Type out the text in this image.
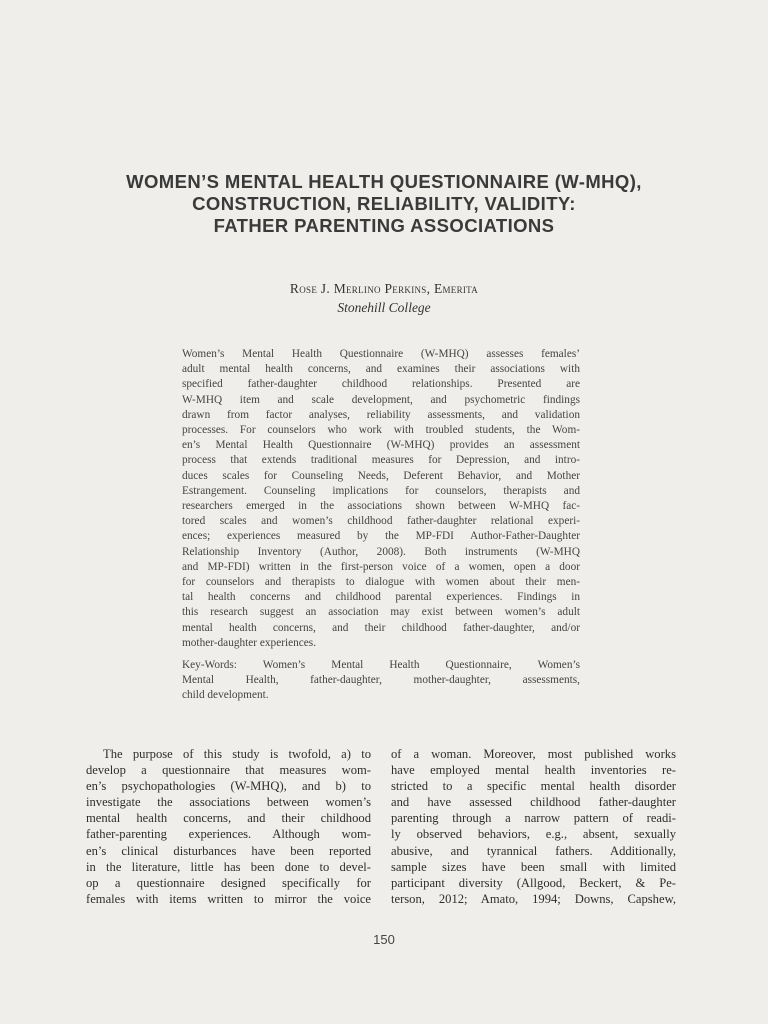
WOMEN’S MENTAL HEALTH QUESTIONNAIRE (W-MHQ),
CONSTRUCTION, RELIABILITY, VALIDITY:
FATHER PARENTING ASSOCIATIONS
Rose J. Merlino Perkins, Emerita
Stonehill College
Women’s Mental Health Questionnaire (W-MHQ) assesses females’
adult mental health concerns, and examines their associations with
specified father-daughter childhood relationships. Presented are
W-MHQ item and scale development, and psychometric findings
drawn from factor analyses, reliability assessments, and validation
processes. For counselors who work with troubled students, the Wom-
en’s Mental Health Questionnaire (W-MHQ) provides an assessment
process that extends traditional measures for Depression, and intro-
duces scales for Counseling Needs, Deferent Behavior, and Mother
Estrangement. Counseling implications for counselors, therapists and
researchers emerged in the associations shown between W-MHQ fac-
tored scales and women’s childhood father-daughter relational experi-
ences; experiences measured by the MP-FDI Author-Father-Daughter
Relationship Inventory (Author, 2008). Both instruments (W-MHQ
and MP-FDI) written in the first-person voice of a women, open a door
for counselors and therapists to dialogue with women about their men-
tal health concerns and childhood parental experiences. Findings in
this research suggest an association may exist between women’s adult
mental health concerns, and their childhood father-daughter, and/or
mother-daughter experiences.
Key-Words: Women’s Mental Health Questionnaire, Women’s
Mental Health, father-daughter, mother-daughter, assessments,
child development.
The purpose of this study is twofold, a) to
develop a questionnaire that measures wom-
en’s psychopathologies (W-MHQ), and b) to
investigate the associations between women’s
mental health concerns, and their childhood
father-parenting experiences. Although wom-
en’s clinical disturbances have been reported
in the literature, little has been done to devel-
op a questionnaire designed specifically for
females with items written to mirror the voice
of a woman. Moreover, most published works
have employed mental health inventories re-
stricted to a specific mental health disorder
and have assessed childhood father-daughter
parenting through a narrow pattern of readi-
ly observed behaviors, e.g., absent, sexually
abusive, and tyrannical fathers. Additionally,
sample sizes have been small with limited
participant diversity (Allgood, Beckert, & Pe-
terson, 2012; Amato, 1994; Downs, Capshew,
150
